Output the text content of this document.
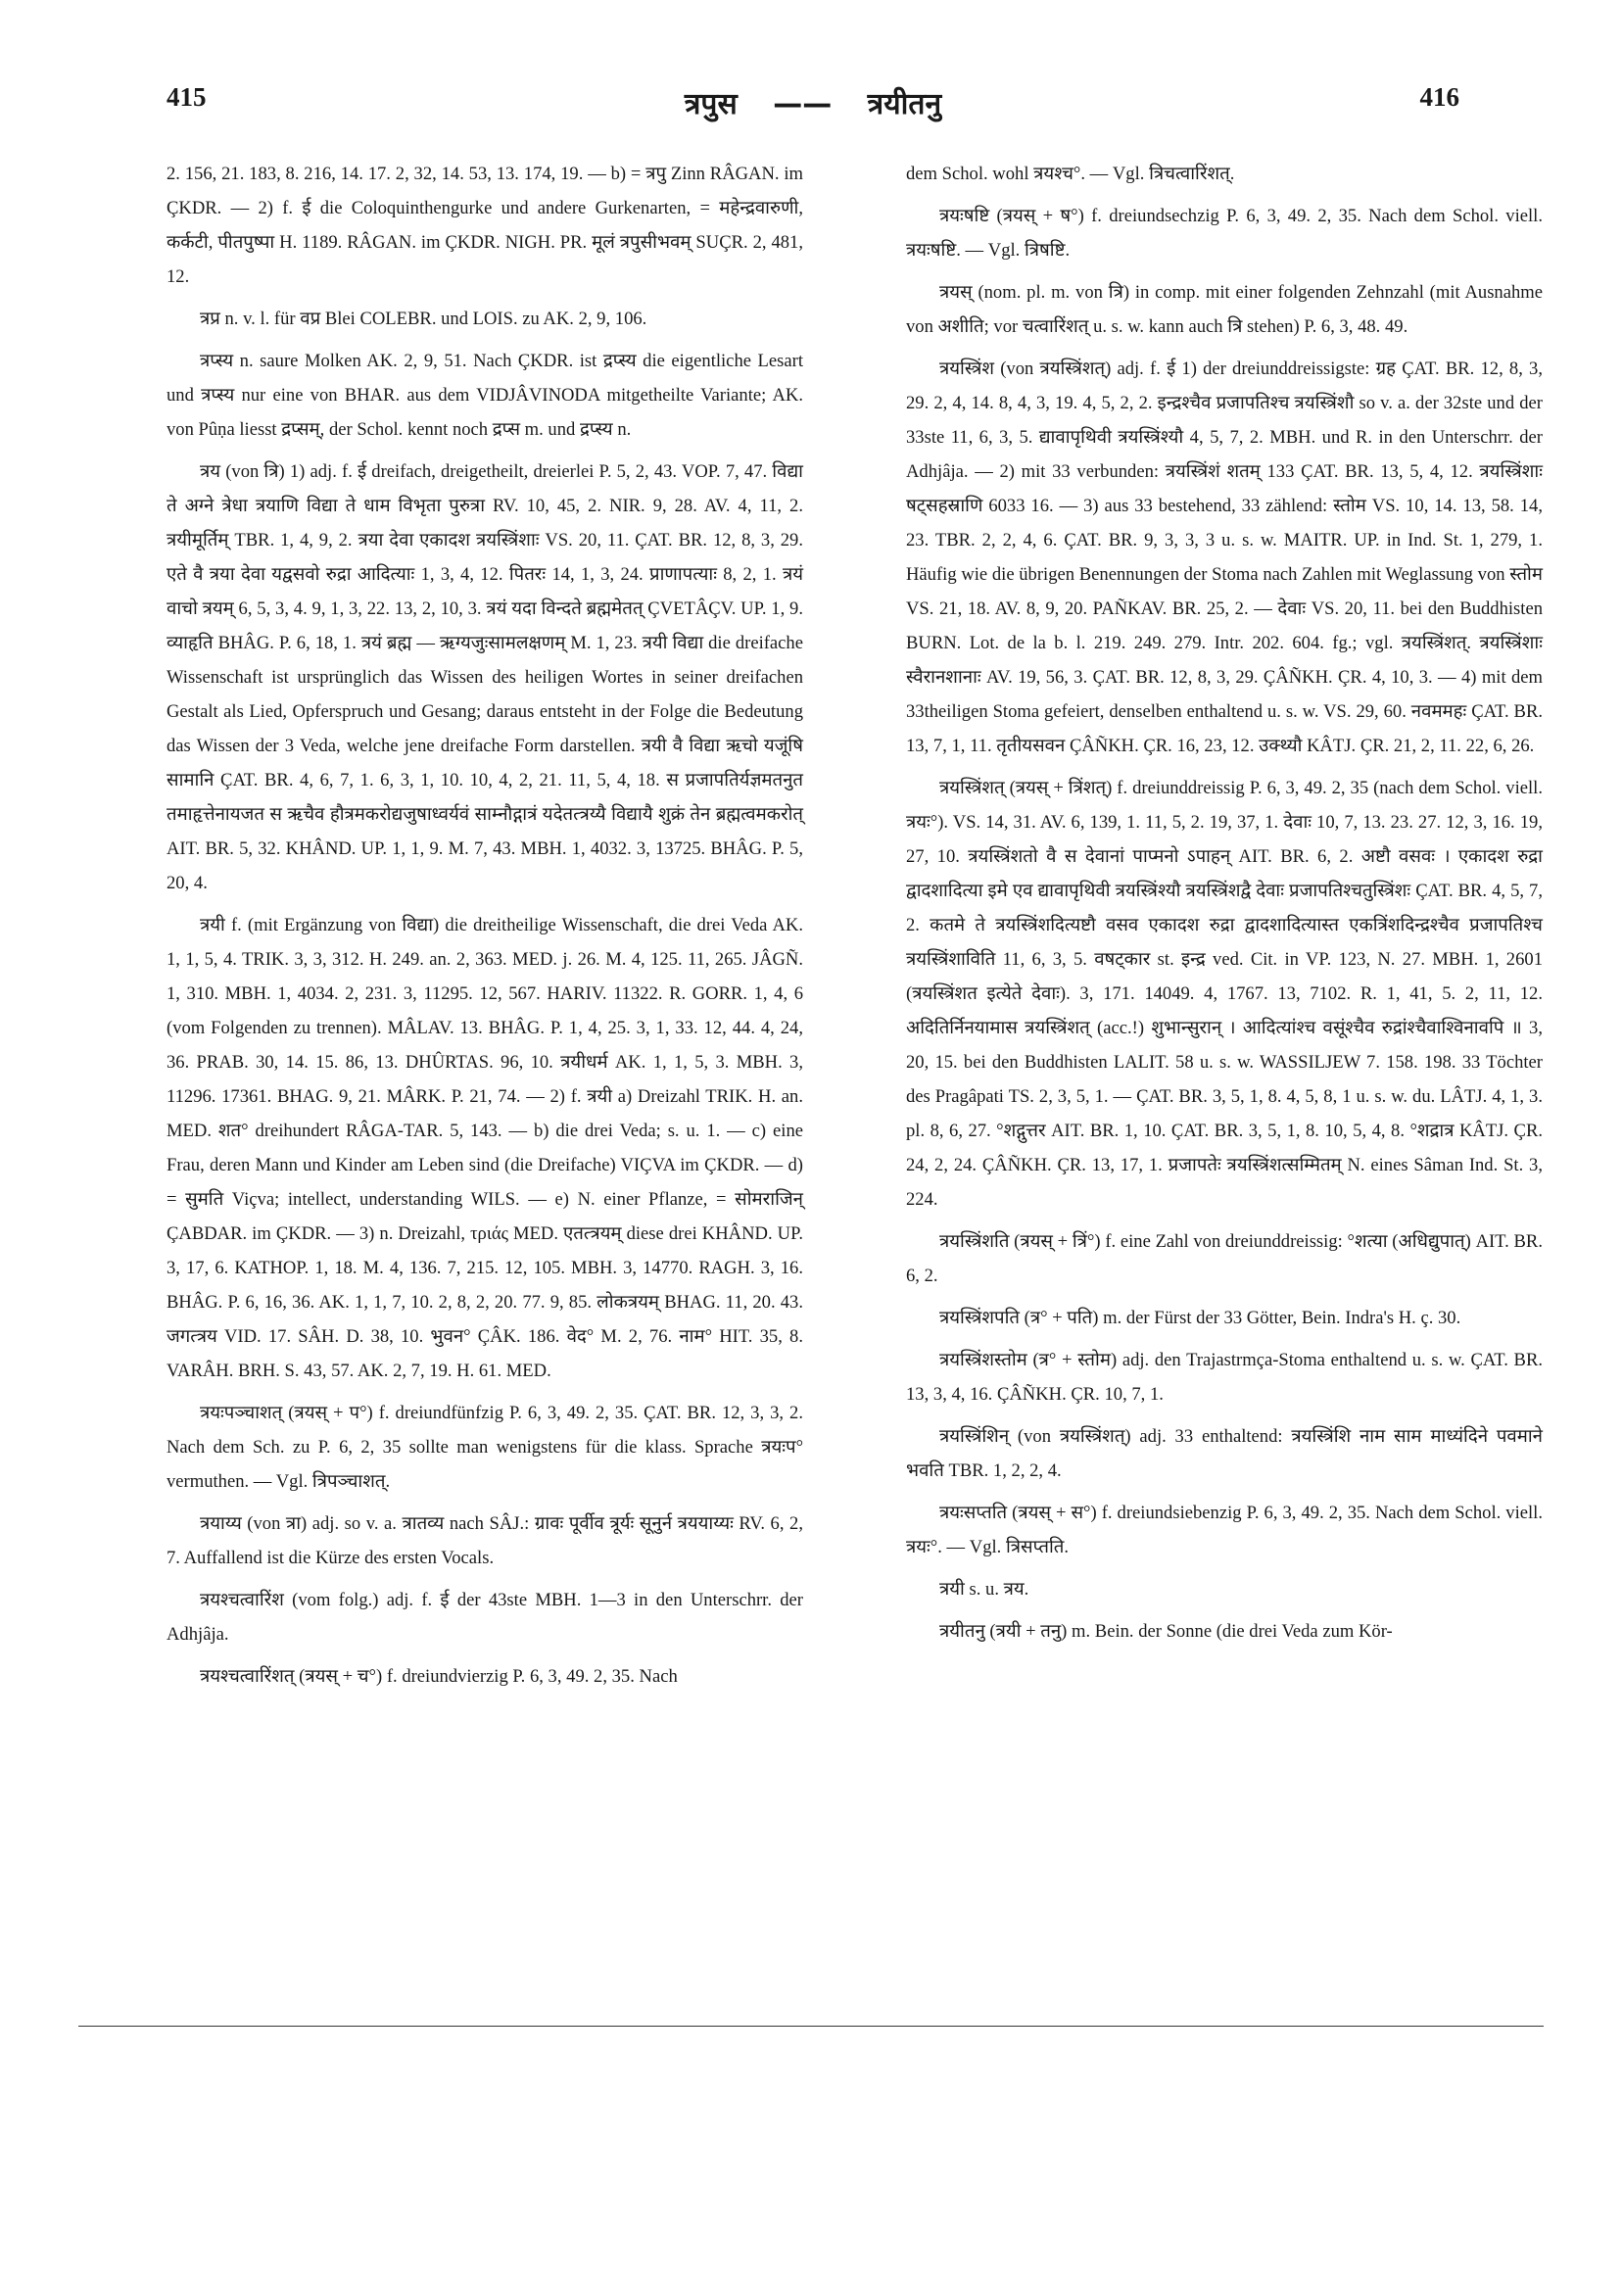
415	त्रपुस —— त्रयीतनु	416

2. 156, 21. 183, 8. 216, 14. 17. 2, 32, 14. 53, 13. 174, 19. — b) = त्रपु Zinn RÂGAN. im ÇKDR. — 2) f. ई die Coloquinthengurke und andere Gurkenarten, = महेन्द्रवारुणी, कर्कटी, पीतपुष्पा H. 1189. RÂGAN. im ÇKDR. NIGH. PR. मूलं त्रपुसीभवम् SUÇR. 2, 481, 12.

त्रप्र n. v. l. für वप्र Blei COLEBR. und LOIS. zu AK. 2, 9, 106.

त्रप्स्य n. saure Molken AK. 2, 9, 51. Nach ÇKDR. ist द्रप्स्य die eigentliche Lesart und त्रप्स्य nur eine von BHAR. aus dem VIDJÂVINODA mitgetheilte Variante; AK. von Pûṇa liesst द्रप्सम्, der Schol. kennt noch द्रप्स m. und द्रप्स्य n.

त्रय (von त्रि) 1) adj. f. ई dreifach, dreigetheilt, dreierlei P. 5, 2, 43. VOP. 7, 47. विद्या ते अग्ने त्रेधा त्रयाणि विद्या ते धाम विभृता पुरुत्रा RV. 10, 45, 2. NIR. 9, 28. AV. 4, 11, 2. त्रयीमूर्तिम् TBR. 1, 4, 9, 2. त्रया देवा एकादश त्रयस्त्रिंशाः VS. 20, 11. ÇAT. BR. 12, 8, 3, 29. एते वै त्रया देवा यद्वसवो रुद्रा आदित्याः 1, 3, 4, 12. पितरः 14, 1, 3, 24. प्राणापत्याः 8, 2, 1. त्रयं वाचो त्रयम् 6, 5, 3, 4. 9, 1, 3, 22. 13, 2, 10, 3. त्रयं यदा विन्दते ब्रह्ममेतत् ÇVETÂÇV. UP. 1, 9. व्याहृति BHÂG. P. 6, 18, 1. त्रयं ब्रह्म — ऋग्यजुःसामलक्षणम् M. 1, 23. त्रयी विद्या die dreifache Wissenschaft ist ursprünglich das Wissen des heiligen Wortes in seiner dreifachen Gestalt als Lied, Opferspruch und Gesang; daraus entsteht in der Folge die Bedeutung das Wissen der 3 Veda, welche jene dreifache Form darstellen. त्रयी वै विद्या ऋचो यजूंषि सामानि ÇAT. BR. 4, 6, 7, 1. 6, 3, 1, 10. 10, 4, 2, 21. 11, 5, 4, 18. स प्रजापतिर्यज्ञमतनुत तमाहृत्तेनायजत स ऋचैव हौत्रमकरोद्यजुषाध्वर्यवं साम्नौद्गात्रं यदेतत्त्रय्यै विद्यायै शुक्रं तेन ब्रह्मत्वमकरोत् AIT. BR. 5, 32. KHÂND. UP. 1, 1, 9. M. 7, 43. MBH. 1, 4032. 3, 13725. BHÂG. P. 5, 20, 4.

त्रयी f. (mit Ergänzung von विद्या) die dreitheilige Wissenschaft, die drei Veda AK. 1, 1, 5, 4. TRIK. 3, 3, 312. H. 249. an. 2, 363. MED. j. 26. M. 4, 125. 11, 265. JÂGÑ. 1, 310. MBH. 1, 4034. 2, 231. 3, 11295. 12, 567. HARIV. 11322. R. GORR. 1, 4, 6 (vom Folgenden zu trennen). MÂLAV. 13. BHÂG. P. 1, 4, 25. 3, 1, 33. 12, 44. 4, 24, 36. PRAB. 30, 14. 15. 86, 13. DHÛRTAS. 96, 10. त्रयीधर्म AK. 1, 1, 5, 3. MBH. 3, 11296. 17361. BHAG. 9, 21. MÂRK. P. 21, 74. — 2) f. त्रयी a) Dreizahl TRIK. H. an. MED. शत° dreihundert RÂGA-TAR. 5, 143. — b) die drei Veda; s. u. 1. — c) eine Frau, deren Mann und Kinder am Leben sind (die Dreifache) VIÇVA im ÇKDR. — d) = सुमति Viçva; intellect, understanding WILS. — e) N. einer Pflanze, = सोमराजिन् ÇABDAR. im ÇKDR. — 3) n. Dreizahl, τριάς MED. एतत्त्रयम् diese drei KHÂND. UP. 3, 17, 6. KATHOP. 1, 18. M. 4, 136. 7, 215. 12, 105. MBH. 3, 14770. RAGH. 3, 16. BHÂG. P. 6, 16, 36. AK. 1, 1, 7, 10. 2, 8, 2, 20. 77. 9, 85. लोकत्रयम् BHAG. 11, 20. 43. जगत्त्रय VID. 17. SÂH. D. 38, 10. भुवन° ÇÂK. 186. वेद° M. 2, 76. नाम° HIT. 35, 8. VARÂH. BRH. S. 43, 57. AK. 2, 7, 19. H. 61. MED.

त्रयःपञ्चाशत् (त्रयस् + प°) f. dreiundfünfzig P. 6, 3, 49. 2, 35. ÇAT. BR. 12, 3, 3, 2. Nach dem Sch. zu P. 6, 2, 35 sollte man wenigstens für die klass. Sprache त्रयःप° vermuthen. — Vgl. त्रिपञ्चाशत्.

त्रयाय्य (von त्रा) adj. so v. a. त्रातव्य nach SÂJ.: ग्रावः पूर्वीव त्रूर्यः सूनुर्न त्रययाय्यः RV. 6, 2, 7. Auffallend ist die Kürze des ersten Vocals.

त्रयश्चत्वारिंश (vom folg.) adj. f. ई der 43ste MBH. 1—3 in den Unterschrr. der Adhjâja.

त्रयश्चत्वारिंशत् (त्रयस् + च°) f. dreiundvierzig P. 6, 3, 49. 2, 35. Nach

dem Schol. wohl त्रयश्च°. — Vgl. त्रिचत्वारिंशत्.

त्रयःषष्टि (त्रयस् + ष°) f. dreiundsechzig P. 6, 3, 49. 2, 35. Nach dem Schol. viell. त्रयःषष्टि. — Vgl. त्रिषष्टि.

त्रयस् (nom. pl. m. von त्रि) in comp. mit einer folgenden Zehnzahl (mit Ausnahme von अशीति; vor चत्वारिंशत् u. s. w. kann auch त्रि stehen) P. 6, 3, 48. 49.

त्रयस्त्रिंश (von त्रयस्त्रिंशत्) adj. f. ई 1) der dreiunddreissigste: ग्रह ÇAT. BR. 12, 8, 3, 29. 2, 4, 14. 8, 4, 3, 19. 4, 5, 2, 2. इन्द्रश्चैव प्रजापतिश्च त्रयस्त्रिंशौ so v. a. der 32ste und der 33ste 11, 6, 3, 5. द्यावापृथिवी त्रयस्त्रिंश्यौ 4, 5, 7, 2. MBH. und R. in den Unterschrr. der Adhjâja. — 2) mit 33 verbunden: त्रयस्त्रिंशं शतम् 133 ÇAT. BR. 13, 5, 4, 12. त्रयस्त्रिंशाः षट्सहस्राणि 6033 16. — 3) aus 33 bestehend, 33 zählend: स्तोम VS. 10, 14. 13, 58. 14, 23. TBR. 2, 2, 4, 6. ÇAT. BR. 9, 3, 3, 3 u. s. w. MAITR. UP. in Ind. St. 1, 279, 1. Häufig wie die übrigen Benennungen der Stoma nach Zahlen mit Weglassung von स्तोम VS. 21, 18. AV. 8, 9, 20. PAÑKAV. BR. 25, 2. — देवाः VS. 20, 11. bei den Buddhisten BURN. Lot. de la b. l. 219. 249. 279. Intr. 202. 604. fg.; vgl. त्रयस्त्रिंशत्. त्रयस्त्रिंशाः स्वैरानशानाः AV. 19, 56, 3. ÇAT. BR. 12, 8, 3, 29. ÇÂÑKH. ÇR. 4, 10, 3. — 4) mit dem 33theiligen Stoma gefeiert, denselben enthaltend u. s. w. VS. 29, 60. नवममहः ÇAT. BR. 13, 7, 1, 11. तृतीयसवन ÇÂÑKH. ÇR. 16, 23, 12. उक्थ्यौ KÂTJ. ÇR. 21, 2, 11. 22, 6, 26.

त्रयस्त्रिंशत् (त्रयस् + त्रिंशत्) f. dreiunddreissig P. 6, 3, 49. 2, 35 (nach dem Schol. viell. त्रयः°). VS. 14, 31. AV. 6, 139, 1. 11, 5, 2. 19, 37, 1. देवाः 10, 7, 13. 23. 27. 12, 3, 16. 19, 27, 10. त्रयस्त्रिंशतो वै स देवानां पाप्मनो ऽपाहन् AIT. BR. 6, 2. अष्टौ वसवः । एकादश रुद्रा द्वादशादित्या इमे एव द्यावापृथिवी त्रयस्त्रिंश्यौ त्रयस्त्रिंशद्वै देवाः प्रजापतिश्चतुस्त्रिंशः ÇAT. BR. 4, 5, 7, 2. कतमे ते त्रयस्त्रिंशदित्यष्टौ वसव एकादश रुद्रा द्वादशादित्यास्त एकत्रिंशदिन्द्रश्चैव प्रजापतिश्च त्रयस्त्रिंशाविति 11, 6, 3, 5. वषट्कार st. इन्द्र ved. Cit. in VP. 123, N. 27. MBH. 1, 2601 (त्रयस्त्रिंशत इत्येते देवाः). 3, 171. 14049. 4, 1767. 13, 7102. R. 1, 41, 5. 2, 11, 12. अदितिर्निनयामास त्रयस्त्रिंशत् (acc.!) शुभान्सुरान् । आदित्यांश्च वसूंश्चैव रुद्रांश्चैवाश्विनावपि ॥ 3, 20, 15. bei den Buddhisten LALIT. 58 u. s. w. WASSILJEW 7. 158. 198. 33 Töchter des Pragâpati TS. 2, 3, 5, 1. — ÇAT. BR. 3, 5, 1, 8. 4, 5, 8, 1 u. s. w. du. LÂTJ. 4, 1, 3. pl. 8, 6, 27. °शद्गुत्तर AIT. BR. 1, 10. ÇAT. BR. 3, 5, 1, 8. 10, 5, 4, 8. °शद्रात्र KÂTJ. ÇR. 24, 2, 24. ÇÂÑKH. ÇR. 13, 17, 1. प्रजापतेः त्रयस्त्रिंशत्सम्मितम् N. eines Sâman Ind. St. 3, 224.

त्रयस्त्रिंशति (त्रयस् + त्रिं°) f. eine Zahl von dreiunddreissig: °शत्या (अधिद्युपात्) AIT. BR. 6, 2.

त्रयस्त्रिंशपति (त्र° + पति) m. der Fürst der 33 Götter, Bein. Indra's H. ç. 30.

त्रयस्त्रिंशस्तोम (त्र° + स्तोम) adj. den Trajastrmça-Stoma enthaltend u. s. w. ÇAT. BR. 13, 3, 4, 16. ÇÂÑKH. ÇR. 10, 7, 1.

त्रयस्त्रिंशिन् (von त्रयस्त्रिंशत्) adj. 33 enthaltend: त्रयस्त्रिंशि नाम साम माध्यंदिने पवमाने भवति TBR. 1, 2, 2, 4.

त्रयःसप्तति (त्रयस् + स°) f. dreiundsiebenzig P. 6, 3, 49. 2, 35. Nach dem Schol. viell. त्रयः°. — Vgl. त्रिसप्तति.

त्रयी s. u. त्रय.

त्रयीतनु (त्रयी + तनु) m. Bein. der Sonne (die drei Veda zum Kör-
